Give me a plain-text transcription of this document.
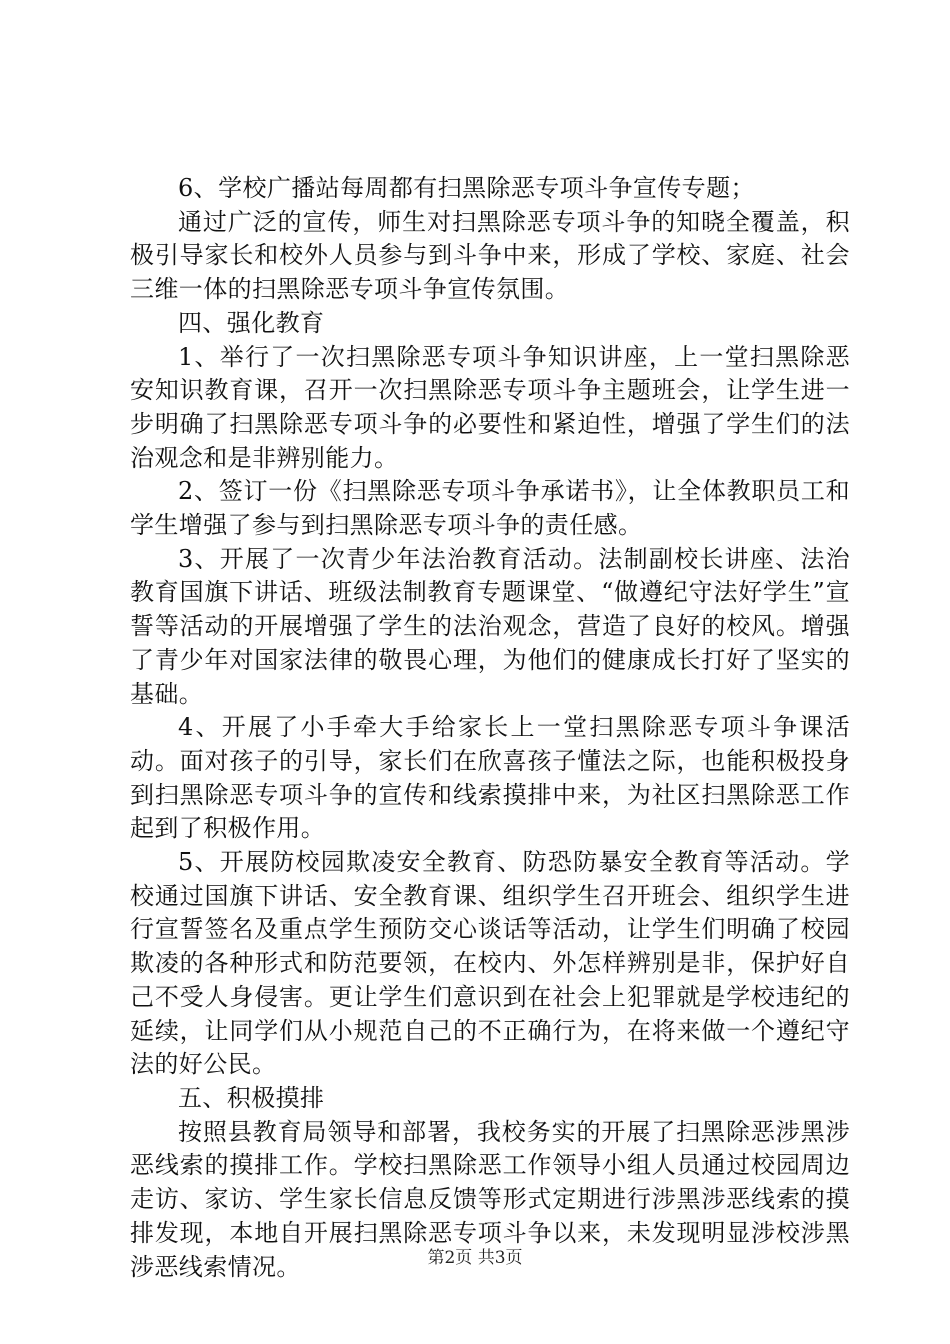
6、学校广播站每周都有扫黑除恶专项斗争宣传专题；

通过广泛的宣传，师生对扫黑除恶专项斗争的知晓全覆盖，积极引导家长和校外人员参与到斗争中来，形成了学校、家庭、社会三维一体的扫黑除恶专项斗争宣传氛围。

四、强化教育

1、举行了一次扫黑除恶专项斗争知识讲座，上一堂扫黑除恶安知识教育课，召开一次扫黑除恶专项斗争主题班会，让学生进一步明确了扫黑除恶专项斗争的必要性和紧迫性，增强了学生们的法治观念和是非辨别能力。

2、签订一份《扫黑除恶专项斗争承诺书》，让全体教职员工和学生增强了参与到扫黑除恶专项斗争的责任感。

3、开展了一次青少年法治教育活动。法制副校长讲座、法治教育国旗下讲话、班级法制教育专题课堂、“做遵纪守法好学生”宣誓等活动的开展增强了学生的法治观念，营造了良好的校风。增强了青少年对国家法律的敬畏心理，为他们的健康成长打好了坚实的基础。

4、开展了小手牵大手给家长上一堂扫黑除恶专项斗争课活动。面对孩子的引导，家长们在欣喜孩子懂法之际，也能积极投身到扫黑除恶专项斗争的宣传和线索摸排中来，为社区扫黑除恶工作起到了积极作用。

5、开展防校园欺凌安全教育、防恐防暴安全教育等活动。学校通过国旗下讲话、安全教育课、组织学生召开班会、组织学生进行宣誓签名及重点学生预防交心谈话等活动，让学生们明确了校园欺凌的各种形式和防范要领，在校内、外怎样辨别是非，保护好自己不受人身侵害。更让学生们意识到在社会上犯罪就是学校违纪的延续，让同学们从小规范自己的不正确行为，在将来做一个遵纪守法的好公民。

五、积极摸排

按照县教育局领导和部署，我校务实的开展了扫黑除恶涉黑涉恶线索的摸排工作。学校扫黑除恶工作领导小组人员通过校园周边走访、家访、学生家长信息反馈等形式定期进行涉黑涉恶线索的摸排发现，本地自开展扫黑除恶专项斗争以来，未发现明显涉校涉黑涉恶线索情况。	第2页 共3页
